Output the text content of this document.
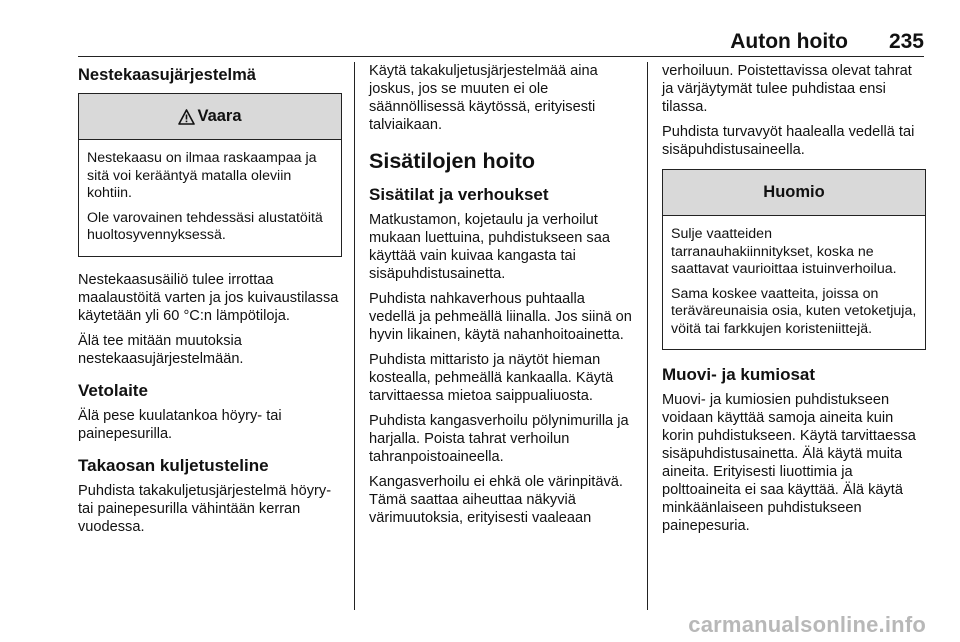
Auton hoito 235
Nestekaasujärjestelmä
Vaara

Nestekaasu on ilmaa raskaampaa ja sitä voi kerääntyä matalla oleviin kohtiin.

Ole varovainen tehdessäsi alustatöitä huoltosyvennyksessä.

Nestekaasusäiliö tulee irrottaa maalaustöitä varten ja jos kuivaustilassa käytetään yli 60 °C:n lämpötiloja.

Älä tee mitään muutoksia nestekaasujärjestelmään.

Vetolaite

Älä pese kuulatankoa höyry- tai painepesurilla.

Takaosan kuljetusteline

Puhdista takakuljetusjärjestelmä höyry- tai painepesurilla vähintään kerran vuodessa.

Käytä takakuljetusjärjestelmää aina joskus, jos se muuten ei ole säännöllisessä käytössä, erityisesti talviaikaan.

Sisätilojen hoito
Sisätilat ja verhoukset

Matkustamon, kojetaulu ja verhoilut mukaan luettuina, puhdistukseen saa käyttää vain kuivaa kangasta tai sisäpuhdistusainetta.

Puhdista nahkaverhous puhtaalla vedellä ja pehmeällä liinalla. Jos siinä on hyvin likainen, käytä nahanhoitoainetta.

Puhdista mittaristo ja näytöt hieman kostealla, pehmeällä kankaalla. Käytä tarvittaessa mietoa saippualiuosta.

Puhdista kangasverhoilu pölynimurilla ja harjalla. Poista tahrat verhoilun tahranpoistoaineella.

Kangasverhoilu ei ehkä ole värinpitävä. Tämä saattaa aiheuttaa näkyviä värimuutoksia, erityisesti vaaleaan

verhoiluun. Poistettavissa olevat tahrat ja värjäytymät tulee puhdistaa ensi tilassa.

Puhdista turvavyöt haalealla vedellä tai sisäpuhdistusaineella.

Huomio

Sulje vaatteiden tarranauhakiinnitykset, koska ne saattavat vaurioittaa istuinverhoilua.

Sama koskee vaatteita, joissa on teräväreunaisia osia, kuten vetoketjuja, vöitä tai farkkujen koristeniittejä.

Muovi- ja kumiosat

Muovi- ja kumiosien puhdistukseen voidaan käyttää samoja aineita kuin korin puhdistukseen. Käytä tarvittaessa sisäpuhdistusainetta. Älä käytä muita aineita. Erityisesti liuottimia ja polttoaineita ei saa käyttää. Älä käytä minkäänlaiseen puhdistukseen painepesuria.

carmanualsonline.info
